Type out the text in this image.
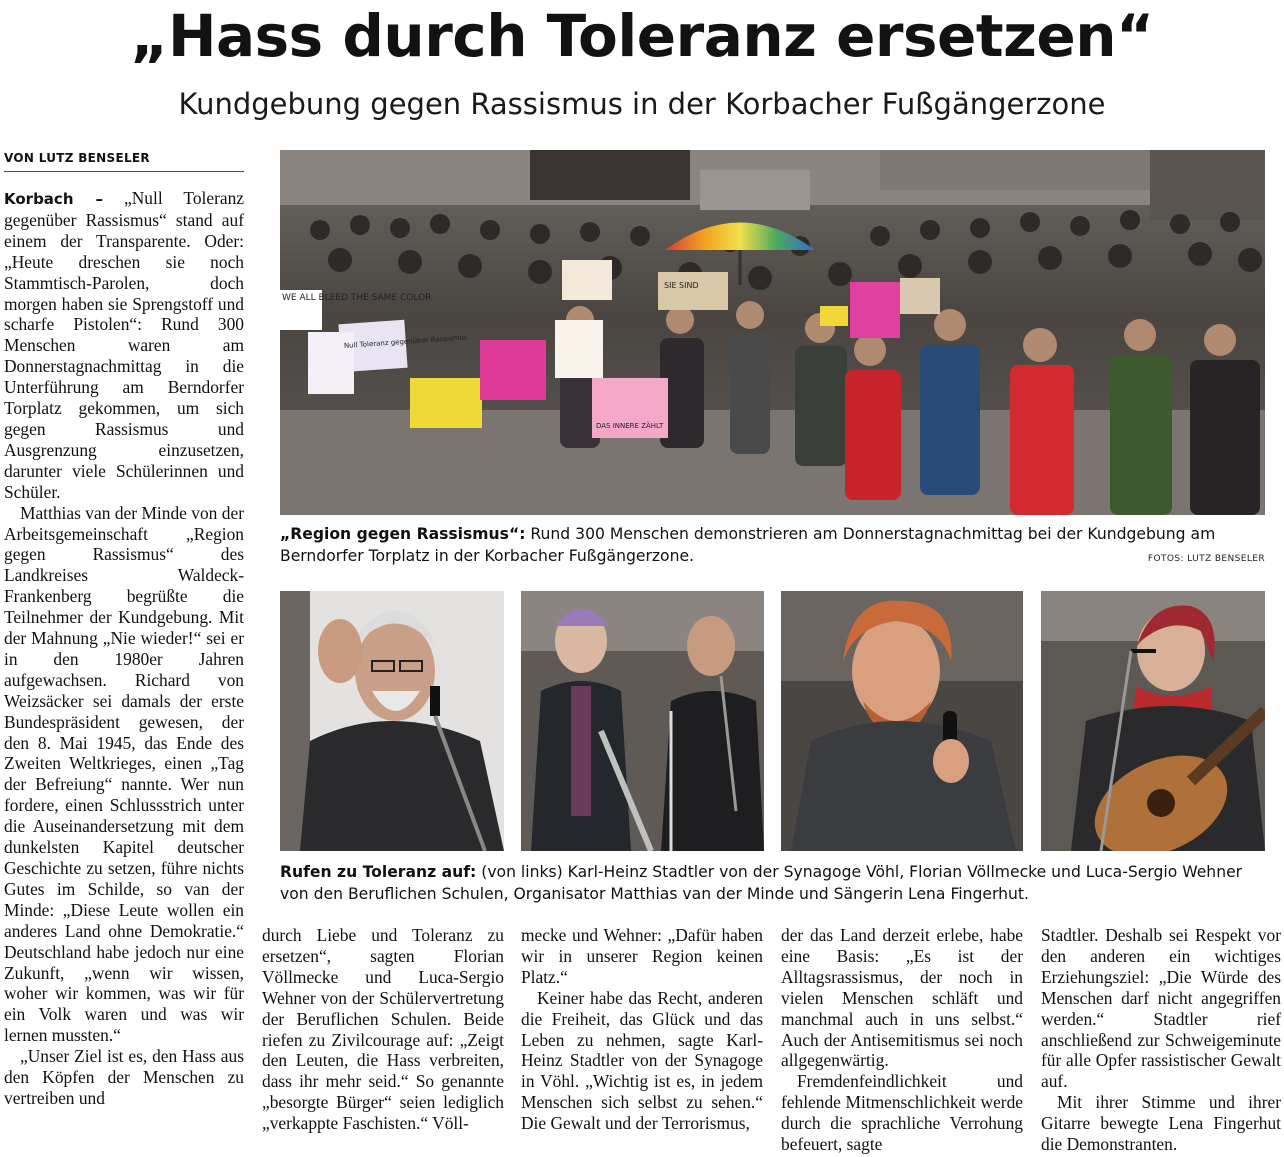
„Hass durch Toleranz ersetzen“
Kundgebung gegen Rassismus in der Korbacher Fußgängerzone
VON LUTZ BENSELER

Korbach – „Null Toleranz gegenüber Rassismus“ stand auf einem der Transparente. Oder: „Heute dreschen sie noch Stammtisch-Parolen, doch morgen haben sie Sprengstoff und scharfe Pistolen“: Rund 300 Menschen waren am Donnerstagnachmittag in die Unterführung am Berndorfer Torplatz gekommen, um sich gegen Rassismus und Ausgrenzung einzusetzen, darunter viele Schülerinnen und Schüler.

Matthias van der Minde von der Arbeitsgemeinschaft „Region gegen Rassismus“ des Landkreises Waldeck-Frankenberg begrüßte die Teilnehmer der Kundgebung. Mit der Mahnung „Nie wieder!“ sei er in den 1980er Jahren aufgewachsen. Richard von Weizsäcker sei damals der erste Bundespräsident gewesen, der den 8. Mai 1945, das Ende des Zweiten Weltkrieges, einen „Tag der Befreiung“ nannte. Wer nun fordere, einen Schlussstrich unter die Auseinandersetzung mit dem dunkelsten Kapitel deutscher Geschichte zu setzen, führe nichts Gutes im Schilde, so van der Minde: „Diese Leute wollen ein anderes Land ohne Demokratie.“ Deutschland habe jedoch nur eine Zukunft, „wenn wir wissen, woher wir kommen, was wir für ein Volk waren und was wir lernen mussten.“

„Unser Ziel ist es, den Hass aus den Köpfen der Menschen zu vertreiben und

WE ALL BLEED THE SAME COLOR
Null Toleranz gegenüber Rassismus
SIE SIND
DAS INNERE ZÄHLT
„Region gegen Rassismus“: Rund 300 Menschen demonstrieren am Donnerstagnachmittag bei der Kundgebung am Berndorfer Torplatz in der Korbacher Fußgängerzone.	FOTOS: LUTZ BENSELER
Rufen zu Toleranz auf: (von links) Karl-Heinz Stadtler von der Synagoge Vöhl, Florian Völlmecke und Luca-Sergio Wehner von den Beruflichen Schulen, Organisator Matthias van der Minde und Sängerin Lena Fingerhut.

durch Liebe und Toleranz zu ersetzen“, sagten Florian Völlmecke und Luca-Sergio Wehner von der Schülervertretung der Beruflichen Schulen. Beide riefen zu Zivilcourage auf: „Zeigt den Leuten, die Hass verbreiten, dass ihr mehr seid.“ So genannte „besorgte Bürger“ seien lediglich „verkappte Faschisten.“ Völl-

mecke und Wehner: „Dafür haben wir in unserer Region keinen Platz.“

Keiner habe das Recht, anderen die Freiheit, das Glück und das Leben zu nehmen, sagte Karl-Heinz Stadtler von der Synagoge in Vöhl. „Wichtig ist es, in jedem Menschen sich selbst zu sehen.“ Die Gewalt und der Terrorismus,

der das Land derzeit erlebe, habe eine Basis: „Es ist der Alltagsrassismus, der noch in vielen Menschen schläft und manchmal auch in uns selbst.“ Auch der Antisemitismus sei noch allgegenwärtig.

Fremdenfeindlichkeit und fehlende Mitmenschlichkeit werde durch die sprachliche Verrohung befeuert, sagte

Stadtler. Deshalb sei Respekt vor den anderen ein wichtiges Erziehungsziel: „Die Würde des Menschen darf nicht angegriffen werden.“ Stadtler rief anschließend zur Schweigeminute für alle Opfer rassistischer Gewalt auf.

Mit ihrer Stimme und ihrer Gitarre bewegte Lena Fingerhut die Demonstranten.
